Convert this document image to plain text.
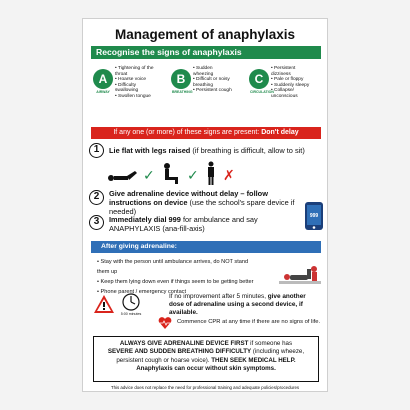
Management of anaphylaxis
Recognise the signs of anaphylaxis
A
AIRWAY
• Tightening of the throat
• Hoarse voice
• Difficulty swallowing
• Swollen tongue
B
BREATHING
• Sudden wheezing
• Difficult or noisy breathing
• Persistent cough
C
CIRCULATION
• Persistent dizziness
• Pale or floppy
• Suddenly sleepy
• Collapse/ unconscious
If any one (or more) of these signs are present: Don't delay
1	Lie flat with legs raised (if breathing is difficult, allow to sit)
✓ ✓ ✗
2	Give adrenaline device without delay – follow instructions on device (use the school's spare device if needed)
3	Immediately dial 999 for ambulance and say ANAPHYLAXIS (ana-fill-axis)
999
After giving adrenaline:
• Stay with the person until ambulance arrives, do NOT stand them up
• Keep them lying down even if things seem to be getting better
• Phone parent / emergency contact
5:00 minutes
If no improvement after 5 minutes, give another dose of adrenaline using a second device, if available.
Commence CPR at any time if there are no signs of life.
ALWAYS GIVE ADRENALINE DEVICE FIRST if someone has
SEVERE AND SUDDEN BREATHING DIFFICULTY (including wheeze,
persistent cough or hoarse voice). THEN SEEK MEDICAL HELP.
Anaphylaxis can occur without skin symptoms.
This advice does not replace the need for professional training and adequate policies/procedures
